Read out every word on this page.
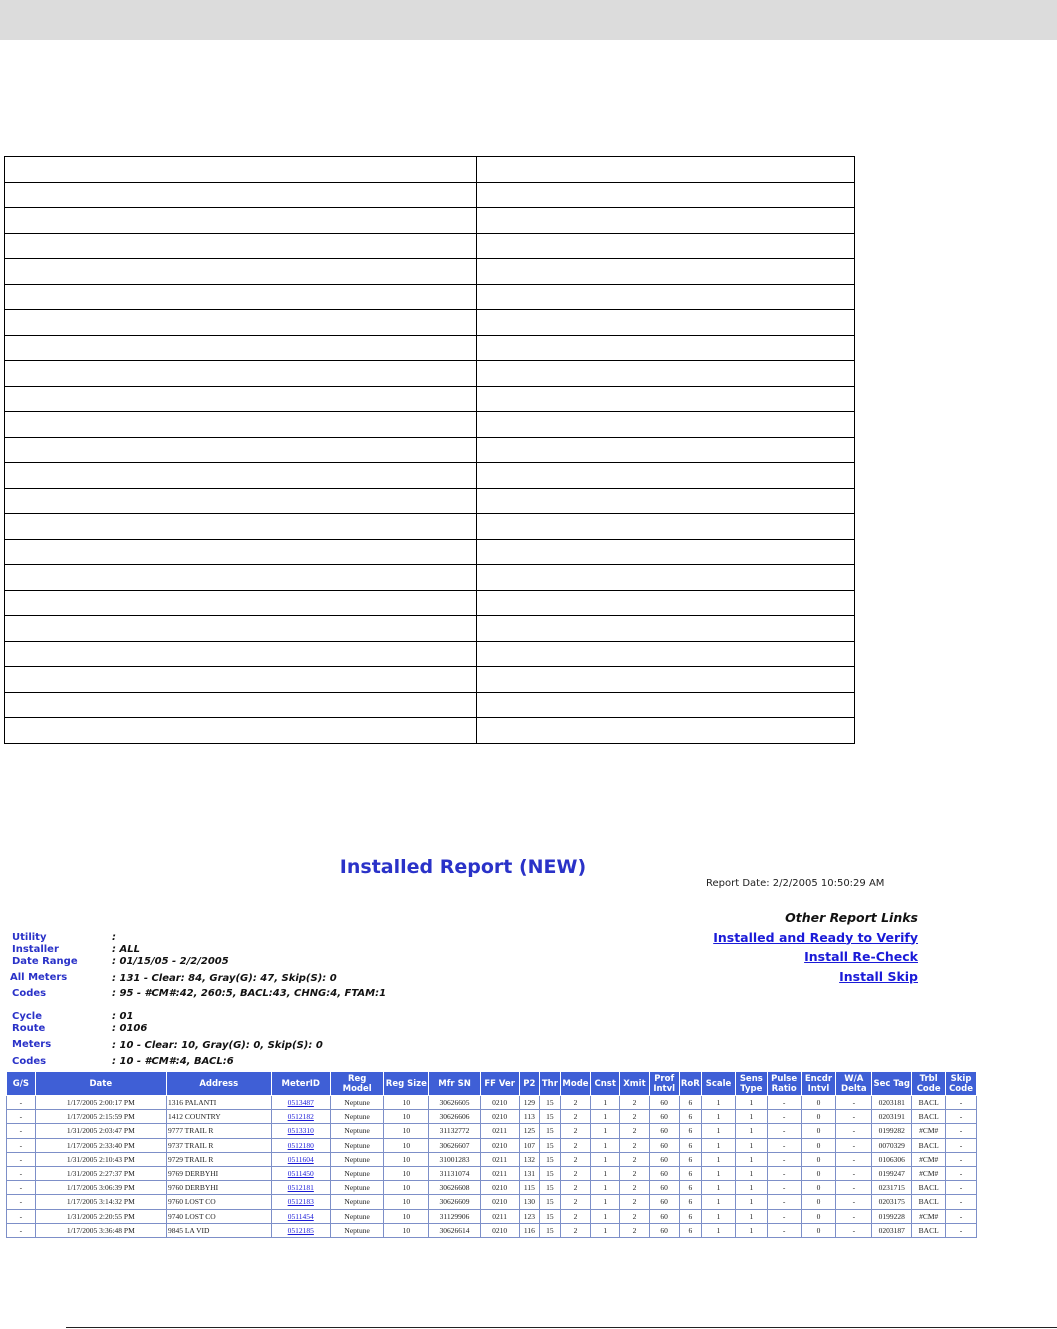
Installed Report (NEW)
Report Date: 2/2/2005 10:50:29 AM
Other Report Links
Installed and Ready to Verify
Install Re-Check
Install Skip
Utility	:
Installer	: ALL
Date Range	: 01/15/05 - 2/2/2005
All Meters	: 131 - Clear: 84, Gray(G): 47, Skip(S): 0
Codes	: 95 - #CM#:42, 260:5, BACL:43, CHNG:4, FTAM:1
Cycle	: 01
Route	: 0106
Meters	: 10 - Clear: 10, Gray(G): 0, Skip(S): 0
Codes	: 10 - #CM#:4, BACL:6
G/S	Date	Address	MeterID	Reg Model	Reg Size	Mfr SN	FF Ver	P2	Thr	Mode	Cnst	Xmit	Prof Intvl	RoR	Scale	Sens Type	Pulse Ratio	Encdr Intvl	W/A Delta	Sec Tag	Trbl Code	Skip Code
-	1/17/2005 2:00:17 PM	1316 PALANTI	0513487	Neptune	10	30626605	0210	129	15	2	1	2	60	6	1	1	-	0	-	0203181	BACL	-
-	1/17/2005 2:15:59 PM	1412 COUNTRY	0512182	Neptune	10	30626606	0210	113	15	2	1	2	60	6	1	1	-	0	-	0203191	BACL	-
-	1/31/2005 2:03:47 PM	9777 TRAIL R	0513310	Neptune	10	31132772	0211	125	15	2	1	2	60	6	1	1	-	0	-	0199282	#CM#	-
-	1/17/2005 2:33:40 PM	9737 TRAIL R	0512180	Neptune	10	30626607	0210	107	15	2	1	2	60	6	1	1	-	0	-	0070329	BACL	-
-	1/31/2005 2:10:43 PM	9729 TRAIL R	0511604	Neptune	10	31001283	0211	132	15	2	1	2	60	6	1	1	-	0	-	0106306	#CM#	-
-	1/31/2005 2:27:37 PM	9769 DERBYHI	0511450	Neptune	10	31131074	0211	131	15	2	1	2	60	6	1	1	-	0	-	0199247	#CM#	-
-	1/17/2005 3:06:39 PM	9760 DERBYHI	0512181	Neptune	10	30626608	0210	115	15	2	1	2	60	6	1	1	-	0	-	0231715	BACL	-
-	1/17/2005 3:14:32 PM	9760 LOST CO	0512183	Neptune	10	30626609	0210	130	15	2	1	2	60	6	1	1	-	0	-	0203175	BACL	-
-	1/31/2005 2:20:55 PM	9740 LOST CO	0511454	Neptune	10	31129906	0211	123	15	2	1	2	60	6	1	1	-	0	-	0199228	#CM#	-
-	1/17/2005 3:36:48 PM	9845 LA VID	0512185	Neptune	10	30626614	0210	116	15	2	1	2	60	6	1	1	-	0	-	0203187	BACL	-
